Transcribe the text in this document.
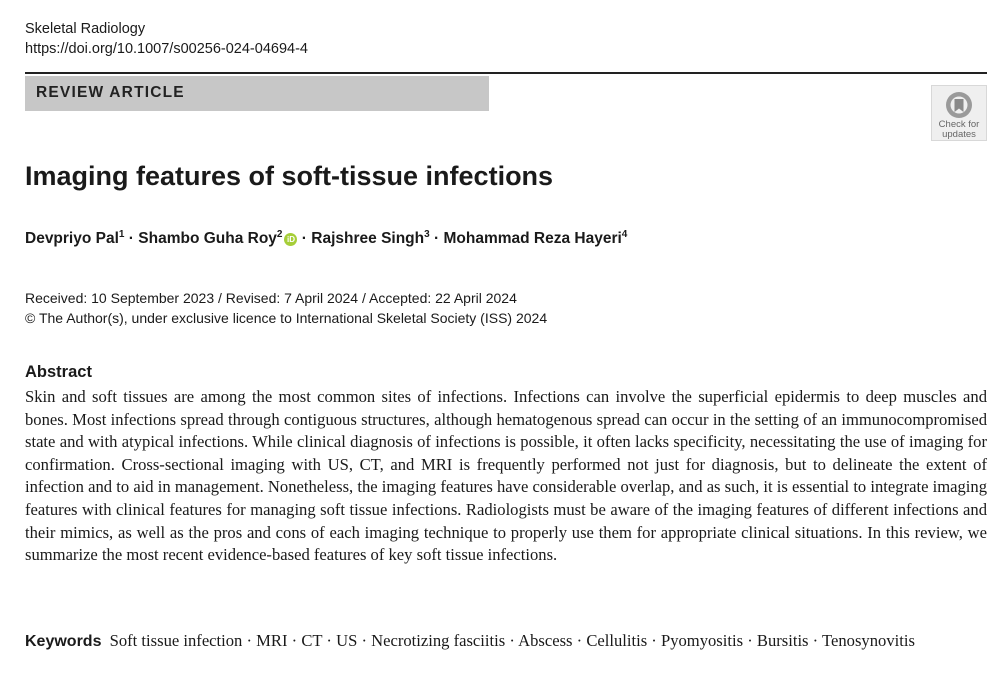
Skeletal Radiology
https://doi.org/10.1007/s00256-024-04694-4
REVIEW ARTICLE
Check for
updates
Imaging features of soft-tissue infections
Devpriyo Pal$^1$ · Shambo Guha Roy$^2$ iD · Rajshree Singh$^3$ · Mohammad Reza Hayeri$^4$
Received: 10 September 2023 / Revised: 7 April 2024 / Accepted: 22 April 2024
© The Author(s), under exclusive licence to International Skeletal Society (ISS) 2024
Abstract

Skin and soft tissues are among the most common sites of infections. Infections can involve the superficial epidermis to deep muscles and bones. Most infections spread through contiguous structures, although hematogenous spread can occur in the setting of an immunocompromised state and with atypical infections. While clinical diagnosis of infections is possible, it often lacks specificity, necessitating the use of imaging for confirmation. Cross-sectional imaging with US, CT, and MRI is frequently performed not just for diagnosis, but to delineate the extent of infection and to aid in management. Nonetheless, the imaging features have considerable overlap, and as such, it is essential to integrate imaging features with clinical features for managing soft tissue infections. Radiologists must be aware of the imaging features of different infections and their mimics, as well as the pros and cons of each imaging technique to properly use them for appropriate clinical situations. In this review, we summarize the most recent evidence-based features of key soft tissue infections.

Keywords Soft tissue infection · MRI · CT · US · Necrotizing fasciitis · Abscess · Cellulitis · Pyomyositis · Bursitis · Tenosynovitis
